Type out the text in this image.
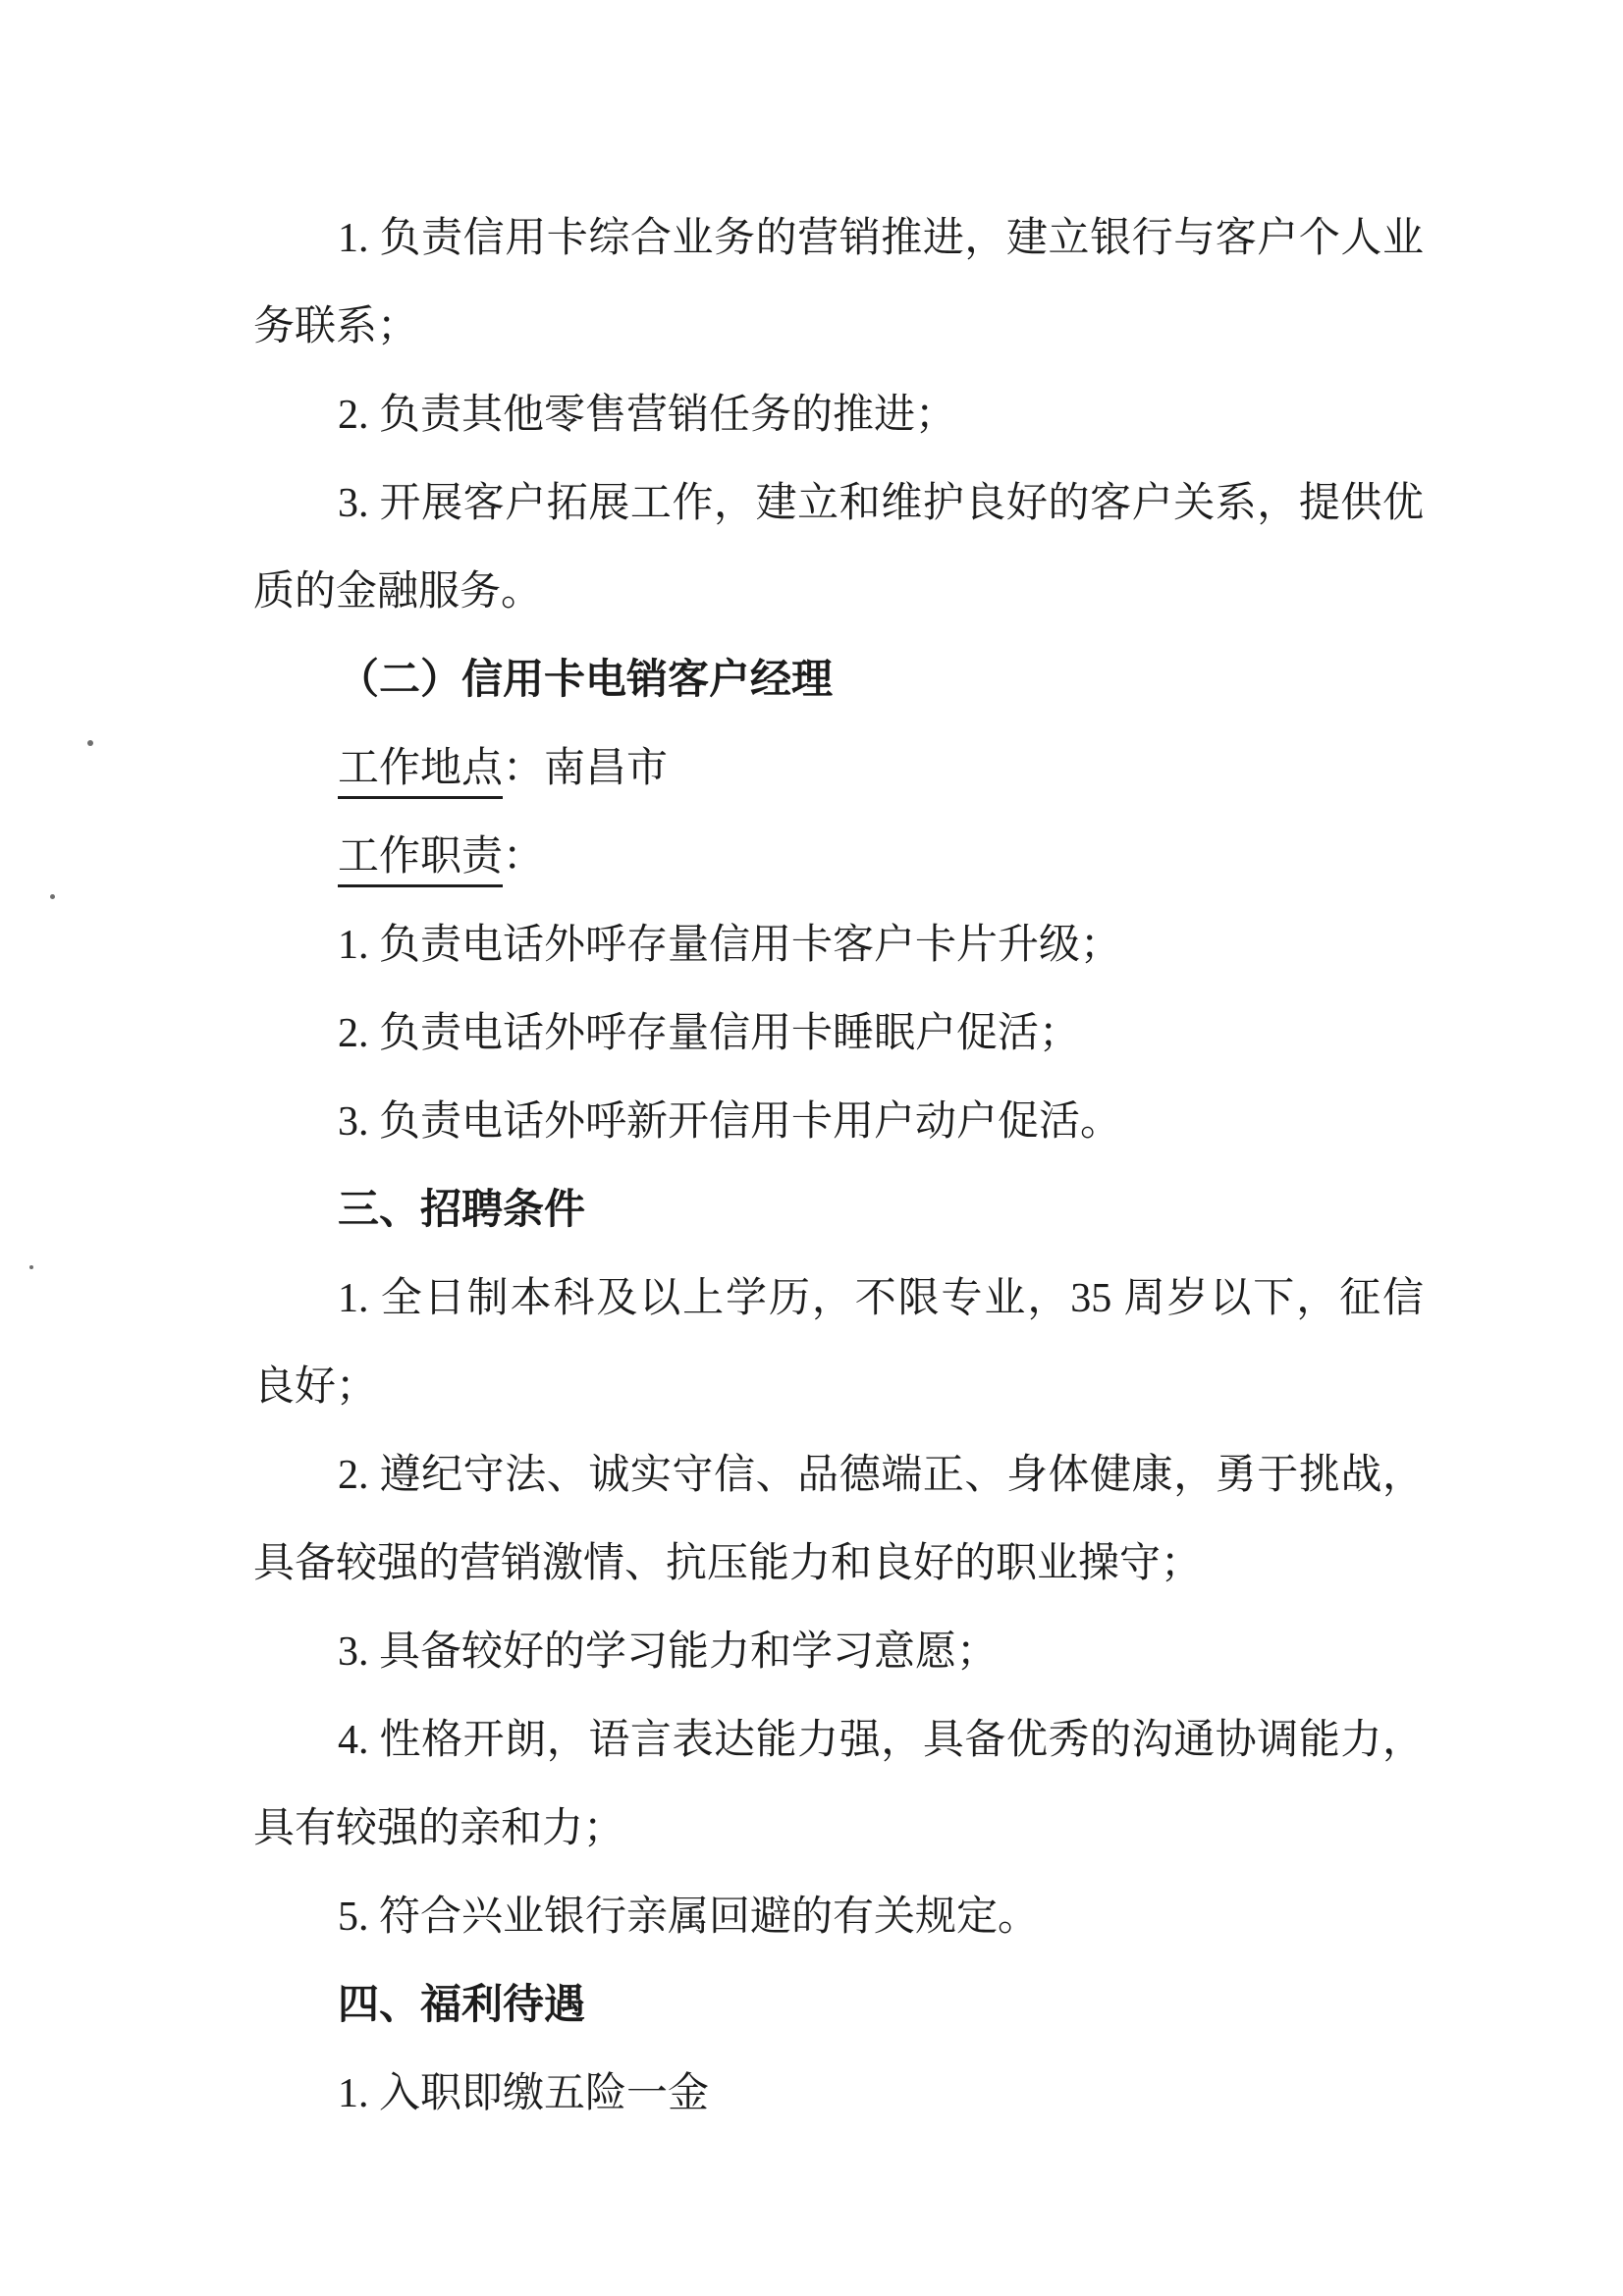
1. 负责信用卡综合业务的营销推进，建立银行与客户个人业
务联系；
2. 负责其他零售营销任务的推进；
3. 开展客户拓展工作，建立和维护良好的客户关系，提供优
质的金融服务。
（二）信用卡电销客户经理
工作地点：南昌市
工作职责：
1. 负责电话外呼存量信用卡客户卡片升级；
2. 负责电话外呼存量信用卡睡眠户促活；
3. 负责电话外呼新开信用卡用户动户促活。
三、招聘条件
1. 全日制本科及以上学历，不限专业，35 周岁以下，征信
良好；
2. 遵纪守法、诚实守信、品德端正、身体健康，勇于挑战，
具备较强的营销激情、抗压能力和良好的职业操守；
3. 具备较好的学习能力和学习意愿；
4. 性格开朗，语言表达能力强，具备优秀的沟通协调能力，
具有较强的亲和力；
5. 符合兴业银行亲属回避的有关规定。
四、福利待遇
1. 入职即缴五险一金
